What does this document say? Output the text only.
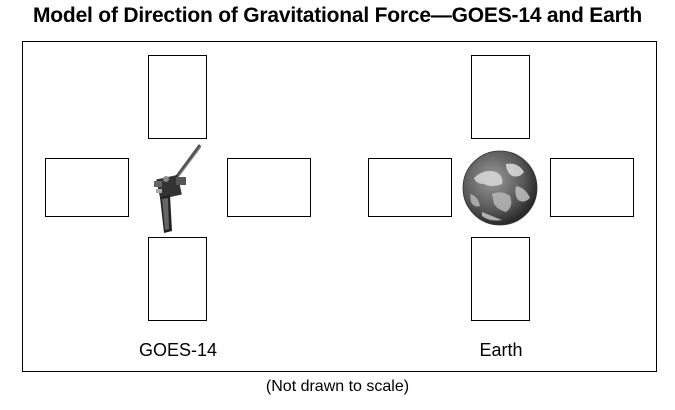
Model of Direction of Gravitational Force—GOES-14 and Earth
GOES-14	Earth
(Not drawn to scale)
